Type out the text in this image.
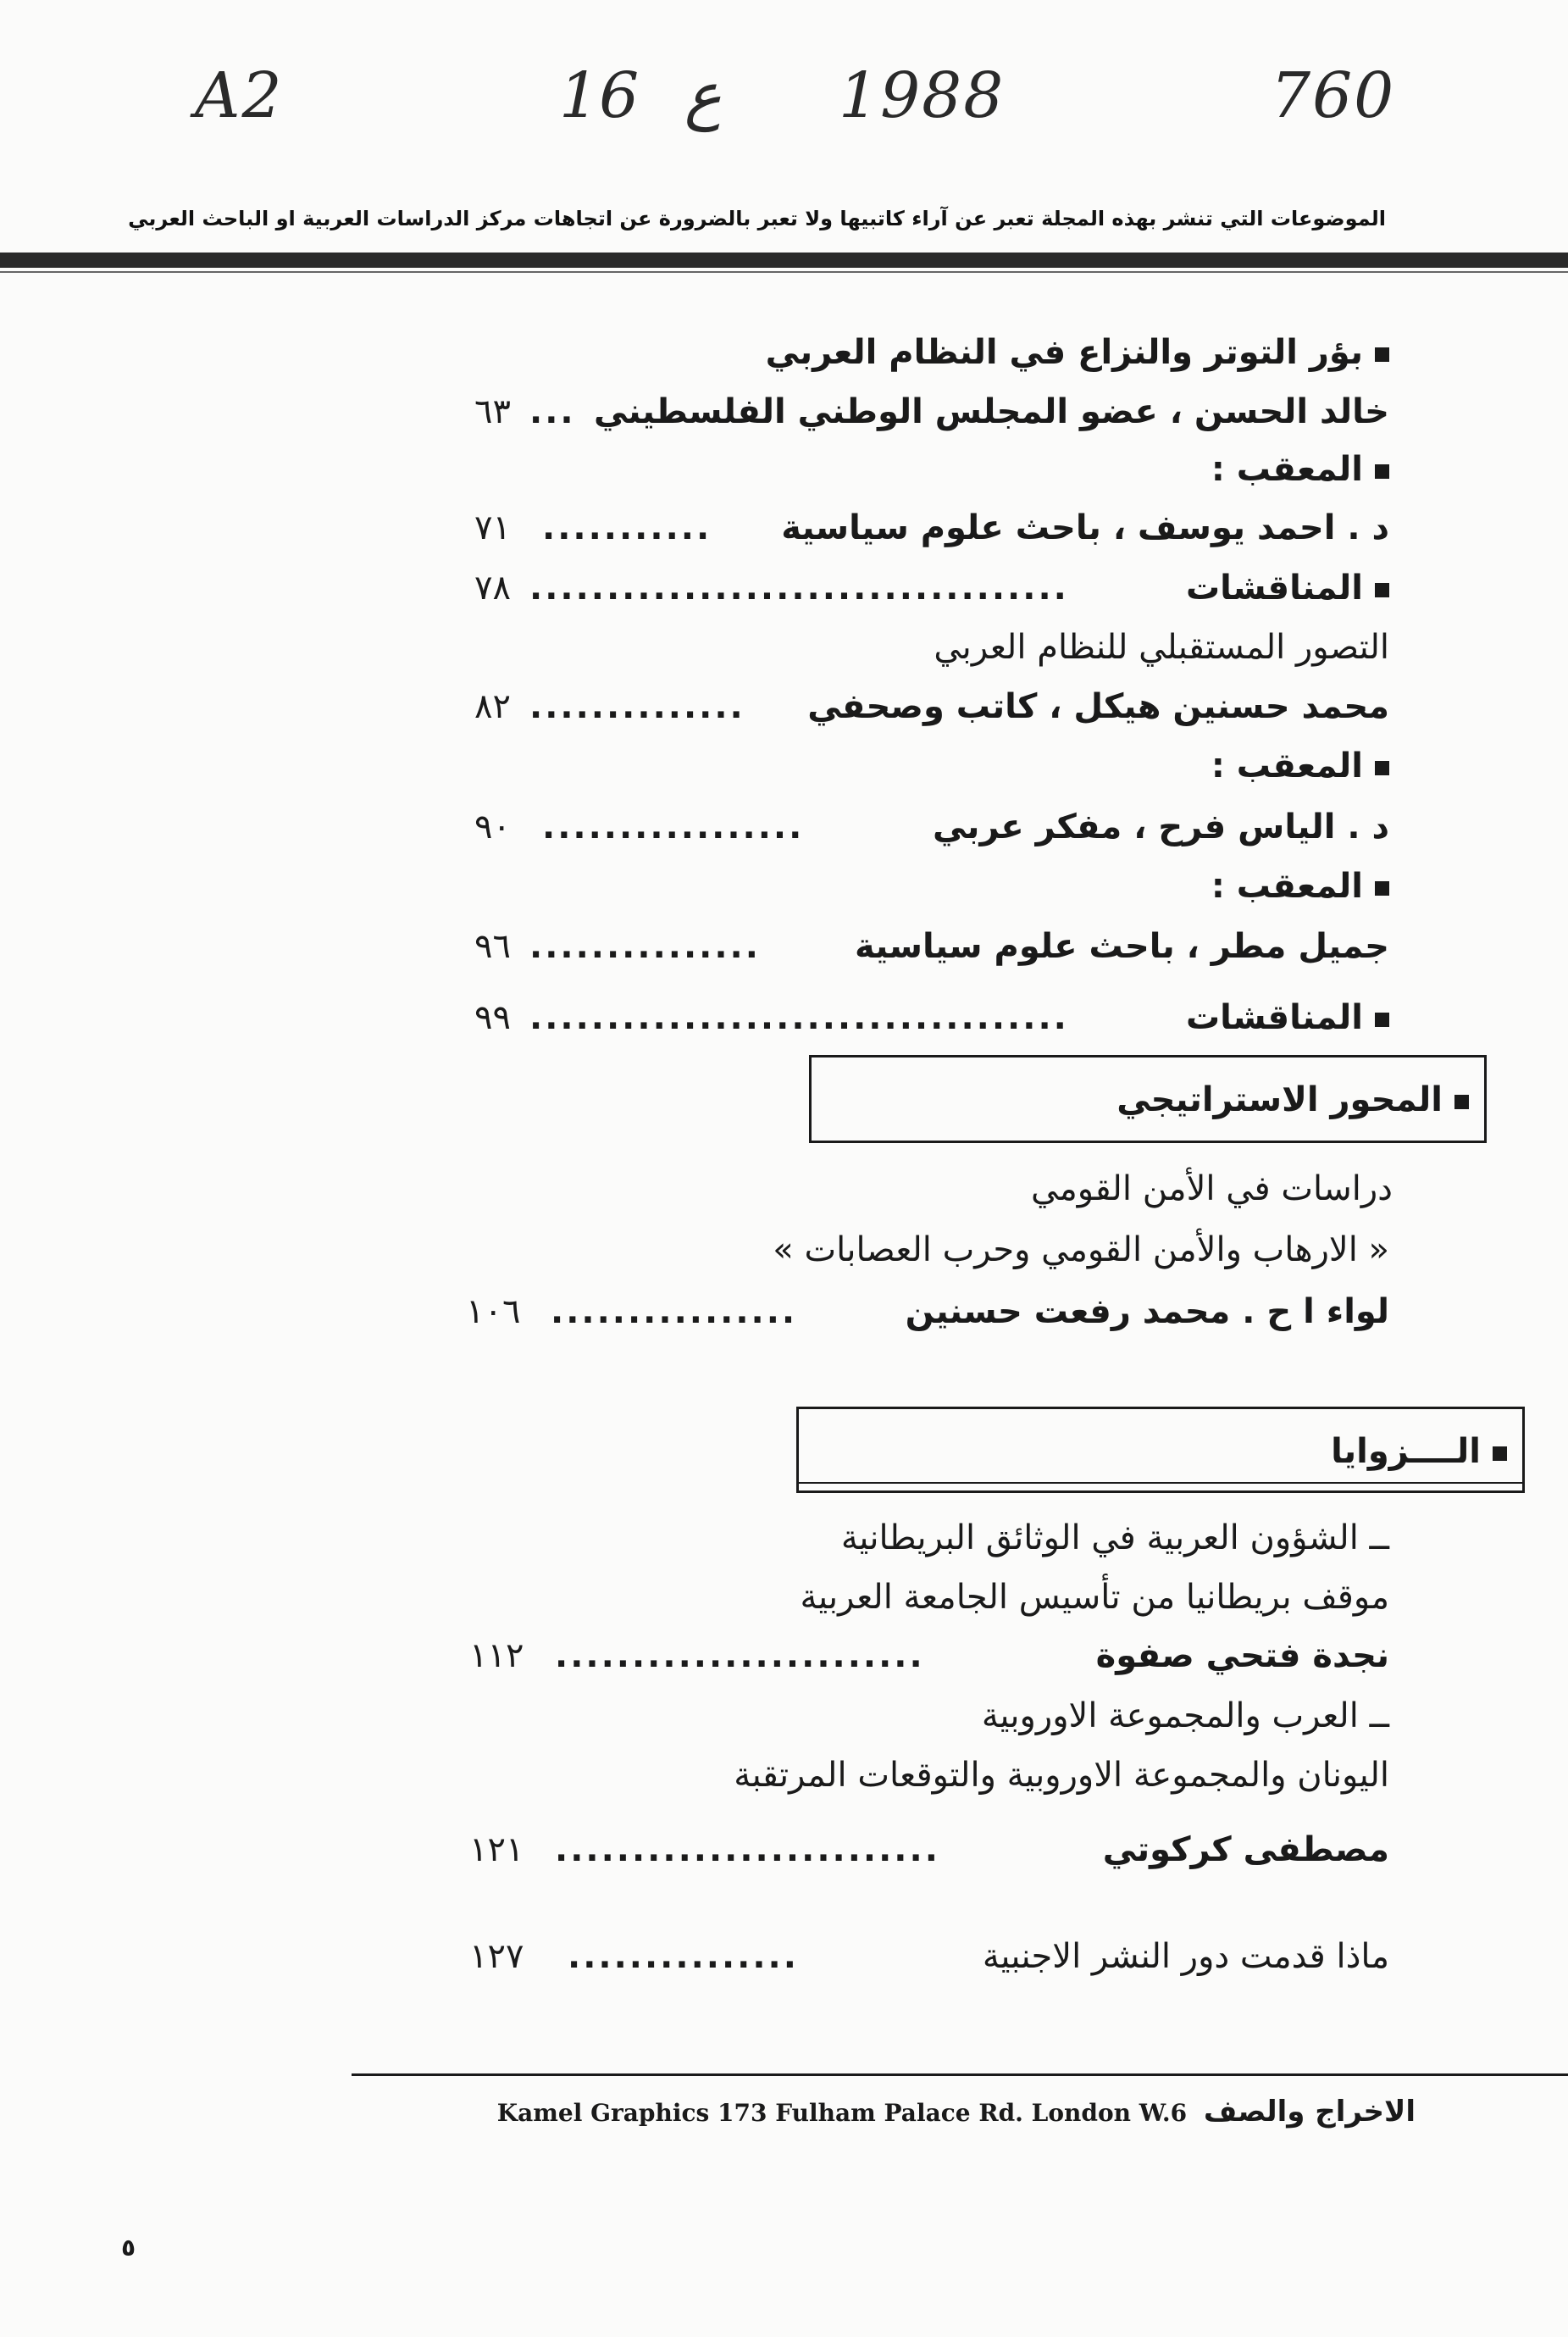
A2	16 ع 1988	760
الموضوعات التي تنشر بهذه المجلة تعبر عن آراء كاتبيها ولا تعبر بالضرورة عن اتجاهات مركز الدراسات العربية او الباحث العربي
بؤر التوتر والنزاع في النظام العربي
خالد الحسن ، عضو المجلس الوطني الفلسطيني
...
٦٣
المعقب :
د . احمد يوسف ، باحث علوم سياسية
...........
٧١
المناقشات
...................................
٧٨
التصور المستقبلي للنظام العربي
محمد حسنين هيكل ، كاتب وصحفي
..............
٨٢
المعقب :
د . الياس فرح ، مفكر عربي
.................
٩٠
المعقب :
جميل مطر ، باحث علوم سياسية
...............
٩٦
المناقشات
...................................
٩٩
المحور الاستراتيجي
دراسات في الأمن القومي
« الارهاب والأمن القومي وحرب العصابات »
لواء ا ح . محمد رفعت حسنين
................
١٠٦
الــــزوايا
ــ الشؤون العربية في الوثائق البريطانية
موقف بريطانيا من تأسيس الجامعة العربية
نجدة فتحي صفوة
........................
١١٢
ــ العرب والمجموعة الاوروبية
اليونان والمجموعة الاوروبية والتوقعات المرتقبة
مصطفى كركوتي
.........................
١٢١
ماذا قدمت دور النشر الاجنبية
...............
١٢٧
Kamel Graphics 173 Fulham Palace Rd. London W.6 الاخراج والصف
٥
